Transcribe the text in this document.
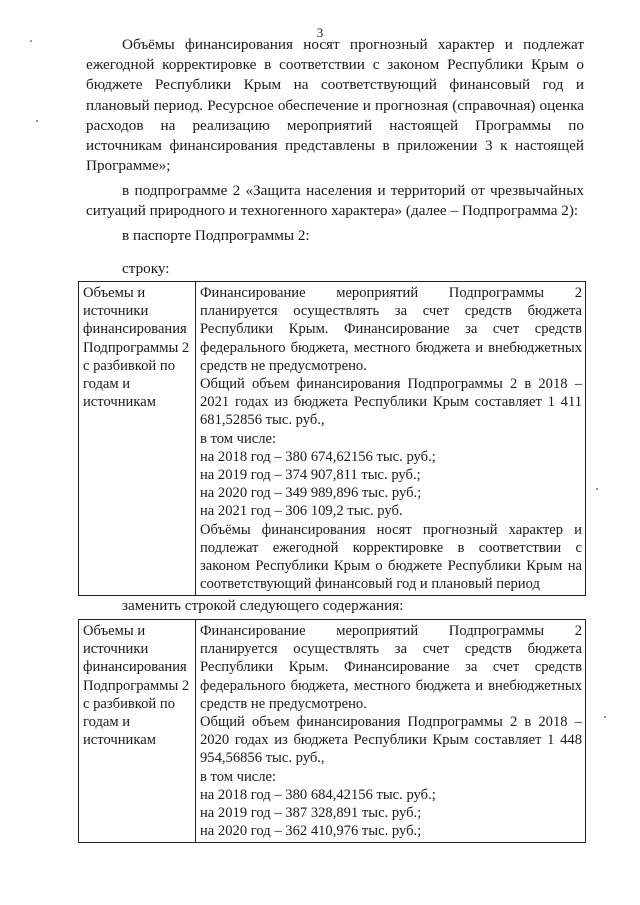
3

Объёмы финансирования носят прогнозный характер и подлежат ежегодной корректировке в соответствии с законом Республики Крым о бюджете Республики Крым на соответствующий финансовый год и плановый период. Ресурсное обеспечение и прогнозная (справочная) оценка расходов на реализацию мероприятий настоящей Программы по источникам финансирования представлены в приложении 3 к настоящей Программе»;

в подпрограмме 2 «Защита населения и территорий от чрезвычайных ситуаций природного и техногенного характера» (далее – Подпрограмма 2):

в паспорте Подпрограммы 2:
строку:
Объемы и
источники
финансирования
Подпрограммы 2
с разбивкой по
годам и
источникам

Финансирование мероприятий Подпрограммы 2 планируется осуществлять за счет средств бюджета Республики Крым. Финансирование за счет средств федерального бюджета, местного бюджета и внебюджетных средств не предусмотрено.
Общий объем финансирования Подпрограммы 2 в 2018 – 2021 годах из бюджета Республики Крым составляет 1 411 681,52856 тыс. руб.,
в том числе:
на 2018 год – 380 674,62156 тыс. руб.;
на 2019 год – 374 907,811 тыс. руб.;
на 2020 год – 349 989,896 тыс. руб.;
на 2021 год – 306 109,2 тыс. руб.
Объёмы финансирования носят прогнозный характер и подлежат ежегодной корректировке в соответствии с законом Республики Крым о бюджете Республики Крым на соответствующий финансовый год и плановый период
заменить строкой следующего содержания:
Объемы и
источники
финансирования
Подпрограммы 2
с разбивкой по
годам и
источникам

Финансирование мероприятий Подпрограммы 2 планируется осуществлять за счет средств бюджета Республики Крым. Финансирование за счет средств федерального бюджета, местного бюджета и внебюджетных средств не предусмотрено.
Общий объем финансирования Подпрограммы 2 в 2018 – 2020 годах из бюджета Республики Крым составляет 1 448 954,56856 тыс. руб.,
в том числе:
на 2018 год – 380 684,42156 тыс. руб.;
на 2019 год – 387 328,891 тыс. руб.;
на 2020 год – 362 410,976 тыс. руб.;
